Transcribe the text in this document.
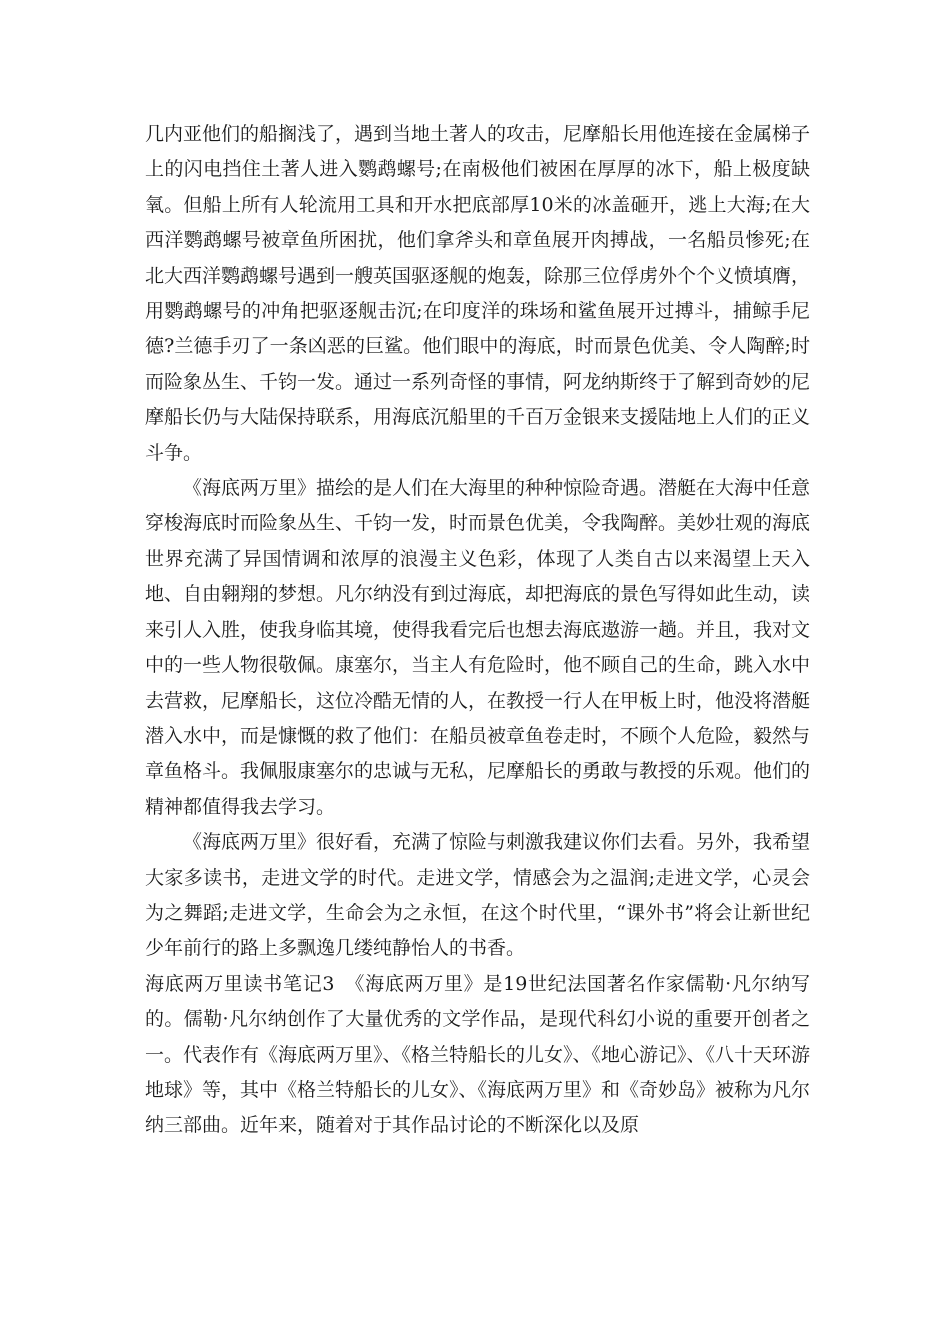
几内亚他们的船搁浅了，遇到当地土著人的攻击，尼摩船长用他连接在金属梯子上的闪电挡住土著人进入鹦鹉螺号;在南极他们被困在厚厚的冰下，船上极度缺氧。但船上所有人轮流用工具和开水把底部厚10米的冰盖砸开，逃上大海;在大西洋鹦鹉螺号被章鱼所困扰，他们拿斧头和章鱼展开肉搏战，一名船员惨死;在北大西洋鹦鹉螺号遇到一艘英国驱逐舰的炮轰，除那三位俘虏外个个义愤填膺，用鹦鹉螺号的冲角把驱逐舰击沉;在印度洋的珠场和鲨鱼展开过搏斗，捕鲸手尼德?兰德手刃了一条凶恶的巨鲨。他们眼中的海底，时而景色优美、令人陶醉;时而险象丛生、千钧一发。通过一系列奇怪的事情，阿龙纳斯终于了解到奇妙的尼摩船长仍与大陆保持联系，用海底沉船里的千百万金银来支援陆地上人们的正义斗争。

《海底两万里》描绘的是人们在大海里的种种惊险奇遇。潜艇在大海中任意穿梭海底时而险象丛生、千钧一发，时而景色优美，令我陶醉。美妙壮观的海底世界充满了异国情调和浓厚的浪漫主义色彩，体现了人类自古以来渴望上天入地、自由翱翔的梦想。凡尔纳没有到过海底，却把海底的景色写得如此生动，读来引人入胜，使我身临其境，使得我看完后也想去海底遨游一趟。并且，我对文中的一些人物很敬佩。康塞尔，当主人有危险时，他不顾自己的生命，跳入水中去营救，尼摩船长，这位冷酷无情的人，在教授一行人在甲板上时，他没将潜艇潜入水中，而是慷慨的救了他们：在船员被章鱼卷走时，不顾个人危险，毅然与章鱼格斗。我佩服康塞尔的忠诚与无私，尼摩船长的勇敢与教授的乐观。他们的精神都值得我去学习。

《海底两万里》很好看，充满了惊险与刺激我建议你们去看。另外，我希望大家多读书，走进文学的时代。走进文学，情感会为之温润;走进文学，心灵会为之舞蹈;走进文学，生命会为之永恒，在这个时代里，“课外书”将会让新世纪少年前行的路上多飘逸几缕纯静怡人的书香。

海底两万里读书笔记3　《海底两万里》是19世纪法国著名作家儒勒·凡尔纳写的。儒勒·凡尔纳创作了大量优秀的文学作品，是现代科幻小说的重要开创者之一。代表作有《海底两万里》、《格兰特船长的儿女》、《地心游记》、《八十天环游地球》等，其中《格兰特船长的儿女》、《海底两万里》和《奇妙岛》被称为凡尔纳三部曲。近年来，随着对于其作品讨论的不断深化以及原
